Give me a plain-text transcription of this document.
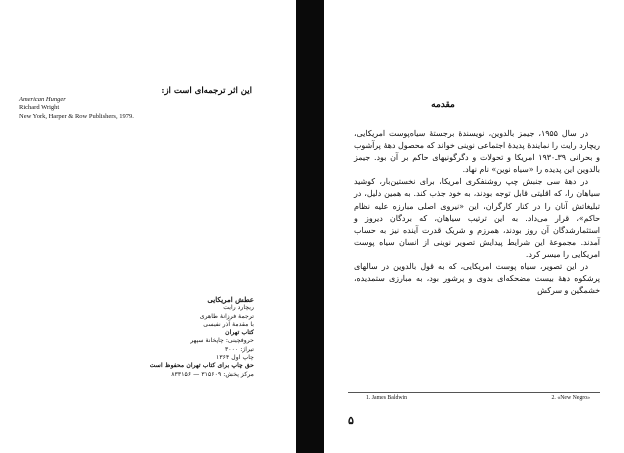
این اثر ترجمه‌ای است از:
American Hunger
Richard Wright
New York, Harper & Row Publishers, 1979.
عطش امریکایی
ریچارد رایت
ترجمهٔ فرزانهٔ طاهری
با مقدمهٔ آذر نفیسی
کتاب تهران
حروفچینی: چاپخانهٔ سپهر
تیراژ: ۳۰۰۰
چاپ اول ۱۳۶۴
حق چاپ برای کتاب تهران محفوظ است
مرکز پخش: ۳۱۵۶۰۹ — ۸۳۳۱۵۶
مقدمه

در سال ۱۹۵۵، جیمز بالدوین، نویسندهٔ برجستهٔ سیاه‌پوست امریکایی، ریچارد رایت را نمایندهٔ پدیدهٔ اجتماعی نوینی خواند که محصول دههٔ پرآشوب و بحرانی ۳۹ـ۱۹۳۰ امریکا و تحولات و دگرگونیهای حاکم بر آن بود. جیمز بالدوین این پدیده را «سیاه نوین» نام نهاد.

در دههٔ سی جنبش چپ روشنفکری امریکا، برای نخستین‌بار، کوشید سیاهان را، که اقلیتی قابل توجه بودند، به خود جذب کند. به همین دلیل، در تبلیغاتش آنان را در کنار کارگران، این «نیروی اصلی مبارزه علیه نظام حاکم»، قرار می‌داد. به این ترتیب سیاهان، که بردگان دیروز و استثمارشدگان آن روز بودند، همرزم و شریک قدرت آینده نیز به حساب آمدند. مجموعهٔ این شرایط پیدایش تصویر نوینی از انسان سیاه پوست امریکایی را میسر کرد.

در این تصویر، سیاه پوست امریکایی، که به قول بالدوین در سالهای پرشکوه دههٔ بیست مضحکه‌ای بدوی و پرشور بود، به مبارزی ستمدیده، خشمگین و سرکش

1. James Baldwin	2. «New Negro»
۵
